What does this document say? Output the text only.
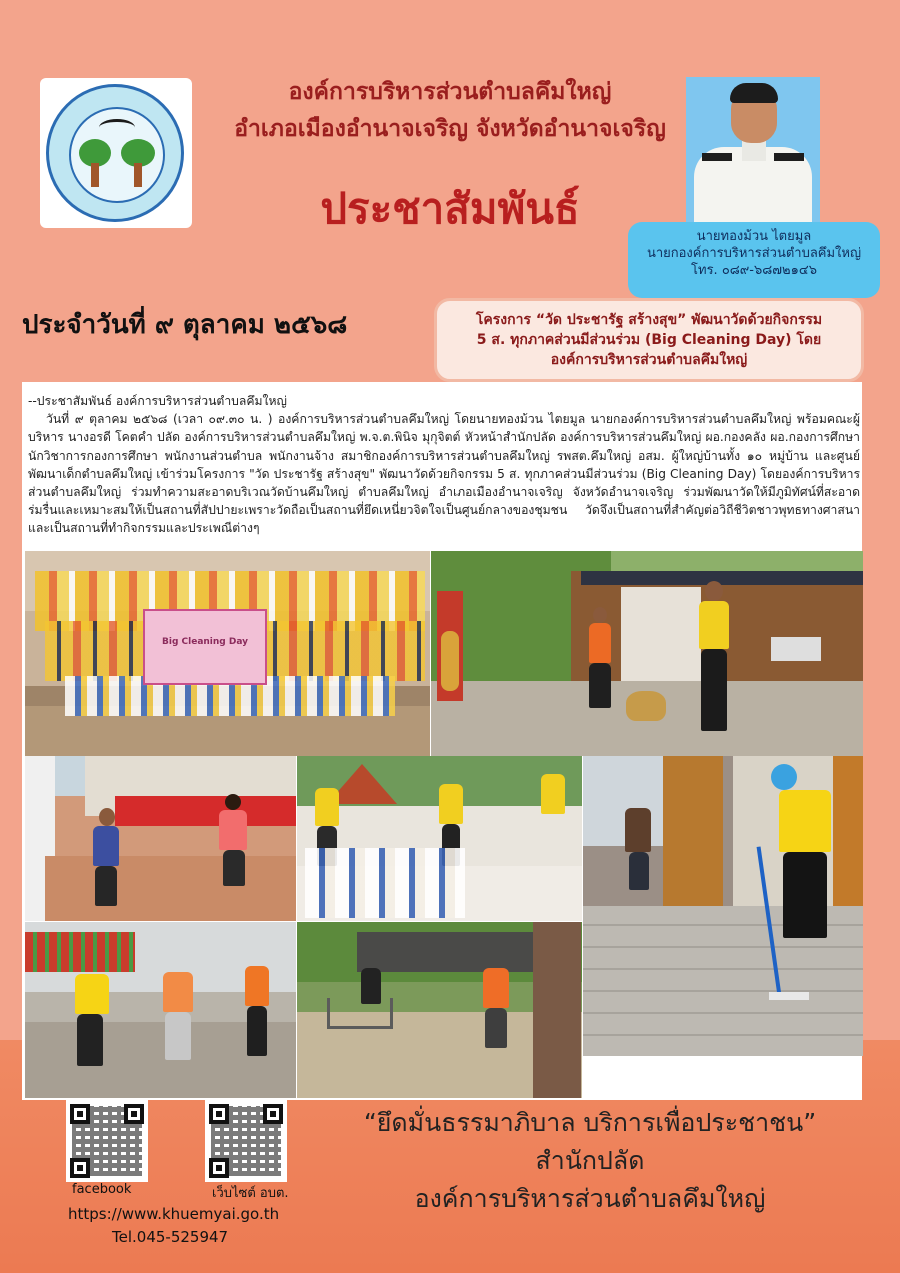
องค์การบริหารส่วนตำบลคึมใหญ่
อำเภอเมืองอำนาจเจริญ จังหวัดอำนาจเจริญ
ประชาสัมพันธ์
นายทองม้วน ไตยมูล
นายกองค์การบริหารส่วนตำบลคึมใหญ่
โทร. ๐๘๙-๖๘๗๒๑๔๖
ประจำวันที่ ๙ ตุลาคม ๒๕๖๘	โครงการ “วัด ประชารัฐ สร้างสุข” พัฒนาวัดด้วยกิจกรรม
5 ส. ทุกภาคส่วนมีส่วนร่วม (Big Cleaning Day) โดย
องค์การบริหารส่วนตำบลคึมใหญ่

--ประชาสัมพันธ์ องค์การบริหารส่วนตำบลคึมใหญ่

วันที่ ๙ ตุลาคม ๒๕๖๘ (เวลา ๐๙.๓๐ น. ) องค์การบริหารส่วนตำบลคึมใหญ่ โดยนายทองม้วน ไตยมูล นายกองค์การบริหารส่วนตำบลคึมใหญ่ พร้อมคณะผู้บริหาร นางอรดี โคตคำ ปลัด องค์การบริหารส่วนตำบลคึมใหญ่ พ.จ.ต.พินิจ มุกุจิตต์ หัวหน้าสำนักปลัด องค์การบริหารส่วนคึมใหญ่ ผอ.กองคลัง ผอ.กองการศึกษา นักวิชาการกองการศึกษา พนักงานส่วนตำบล พนักงานจ้าง สมาชิกองค์การบริหารส่วนตำบลคึมใหญ่ รพสต.คึมใหญ่ อสม. ผู้ใหญ่บ้านทั้ง ๑๐ หมู่บ้าน และศูนย์พัฒนาเด็กตำบลคึมใหญ่ เข้าร่วมโครงการ "วัด ประชารัฐ สร้างสุข" พัฒนาวัดด้วยกิจกรรม 5 ส. ทุกภาคส่วนมีส่วนร่วม (Big Cleaning Day) โดยองค์การบริหารส่วนตำบลคึมใหญ่ ร่วมทำความสะอาดบริเวณวัดบ้านคึมใหญ่ ตำบลคึมใหญ่ อำเภอเมืองอำนาจเจริญ จังหวัดอำนาจเจริญ ร่วมพัฒนาวัดให้มีภูมิทัศน์ที่สะอาด ร่มรื่นและเหมาะสมให้เป็นสถานที่สัปปายะเพราะวัดถือเป็นสถานที่ยึดเหนี่ยวจิตใจเป็นศูนย์กลางของชุมชน วัดจึงเป็นสถานที่สำคัญต่อวิถีชีวิตชาวพุทธทางศาสนาและเป็นสถานที่ทำกิจกรรมและประเพณีต่างๆ

Big Cleaning Day
facebook	เว็บไซต์ อบต.
https://www.khuemyai.go.th
Tel.045-525947
“ยึดมั่นธรรมาภิบาล บริการเพื่อประชาชน”
สำนักปลัด
องค์การบริหารส่วนตำบลคึมใหญ่
